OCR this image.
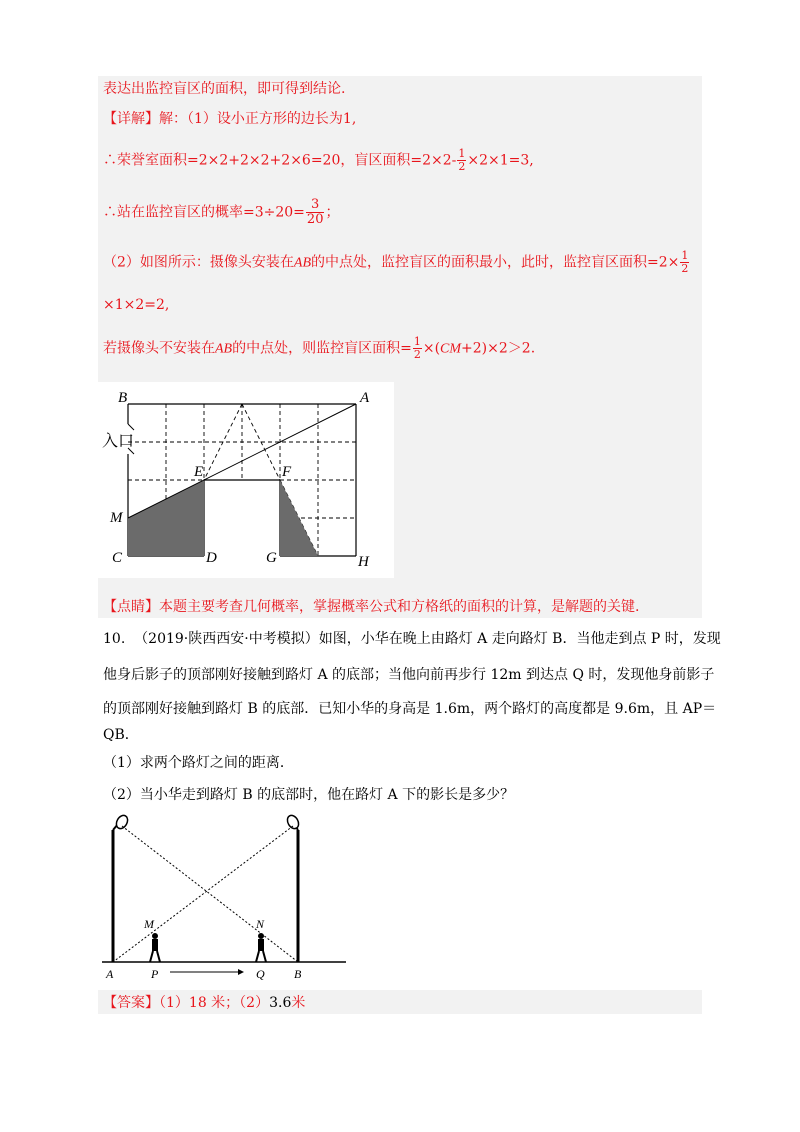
表达出监控盲区的面积，即可得到结论.
【详解】解：（1）设小正方形的边长为1,
∴荣誉室面积=2×2+2×2+2×6=20，盲区面积$=2\times 2- \frac{1}{2} \times 2\times 1=3$,
∴站在监控盲区的概率$=3\div 20= \frac{3}{20}$ ；
（2）如图所示：摄像头安装在AB的中点处，监控盲区的面积最小，此时，监控盲区面积$=2\times \frac{1}{2}$
×1×2=2,
若摄像头不安装在AB的中点处，则监控盲区面积= $\frac{1}{2} \times(CM+2)\times 2>2$.
B	A
入口
E	F
M
C	D	G	H
【点睛】本题主要考查几何概率，掌握概率公式和方格纸的面积的计算，是解题的关键.
10. （2019·陕西西安·中考模拟）如图，小华在晚上由路灯 A 走向路灯 B．当他走到点 P 时，发现
他身后影子的顶部刚好接触到路灯 A 的底部；当他向前再步行 12m 到达点 Q 时，发现他身前影子
的顶部刚好接触到路灯 B 的底部．已知小华的身高是 1.6m，两个路灯的高度都是 9.6m，且 AP＝
QB．
（1）求两个路灯之间的距离．
（2）当小华走到路灯 B 的底部时，他在路灯 A 下的影长是多少？
M	N
A	P	Q B
【答案】（1）18 米；（2）3.6米
